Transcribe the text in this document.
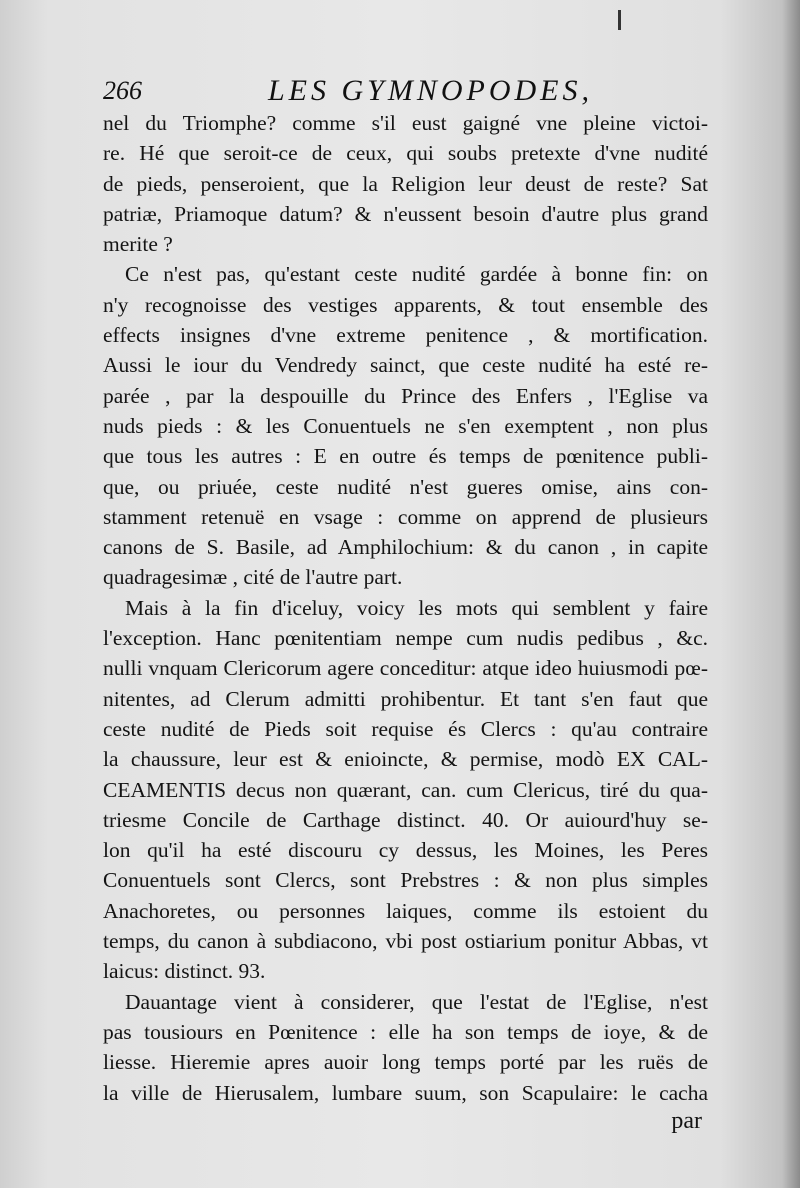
266	LES GYMNOPODES,
nel du Triomphe? comme s'il eust gaigné vne pleine victoi-
re. Hé que seroit-ce de ceux, qui soubs pretexte d'vne nudité
de pieds, penseroient, que la Religion leur deust de reste? Sat
patriæ, Priamoque datum? & n'eussent besoin d'autre plus grand
merite ?
Ce n'est pas, qu'estant ceste nudité gardée à bonne fin: on
n'y recognoisse des vestiges apparents, & tout ensemble des
effects insignes d'vne extreme penitence , & mortification.
Aussi le iour du Vendredy sainct, que ceste nudité ha esté re-
parée , par la despouille du Prince des Enfers , l'Eglise va
nuds pieds : & les Conuentuels ne s'en exemptent , non plus
que tous les autres : E en outre és temps de pœnitence publi-
que, ou priuée, ceste nudité n'est gueres omise, ains con-
stamment retenuë en vsage : comme on apprend de plusieurs
canons de S. Basile, ad Amphilochium: & du canon , in capite
quadragesimæ , cité de l'autre part.
Mais à la fin d'iceluy, voicy les mots qui semblent y faire
l'exception. Hanc pœnitentiam nempe cum nudis pedibus , &c.
nulli vnquam Clericorum agere conceditur: atque ideo huiusmodi pœ-
nitentes, ad Clerum admitti prohibentur. Et tant s'en faut que
ceste nudité de Pieds soit requise és Clercs : qu'au contraire
la chaussure, leur est & enioincte, & permise, modò EX CAL-
CEAMENTIS decus non quærant, can. cum Clericus, tiré du qua-
triesme Concile de Carthage distinct. 40. Or auiourd'huy se-
lon qu'il ha esté discouru cy dessus, les Moines, les Peres
Conuentuels sont Clercs, sont Prebstres : & non plus simples
Anachoretes, ou personnes laiques, comme ils estoient du
temps, du canon à subdiacono, vbi post ostiarium ponitur Abbas, vt
laicus: distinct. 93.
Dauantage vient à considerer, que l'estat de l'Eglise, n'est
pas tousiours en Pœnitence : elle ha son temps de ioye, & de
liesse. Hieremie apres auoir long temps porté par les ruës de
la ville de Hierusalem, lumbare suum, son Scapulaire: le cacha
par
